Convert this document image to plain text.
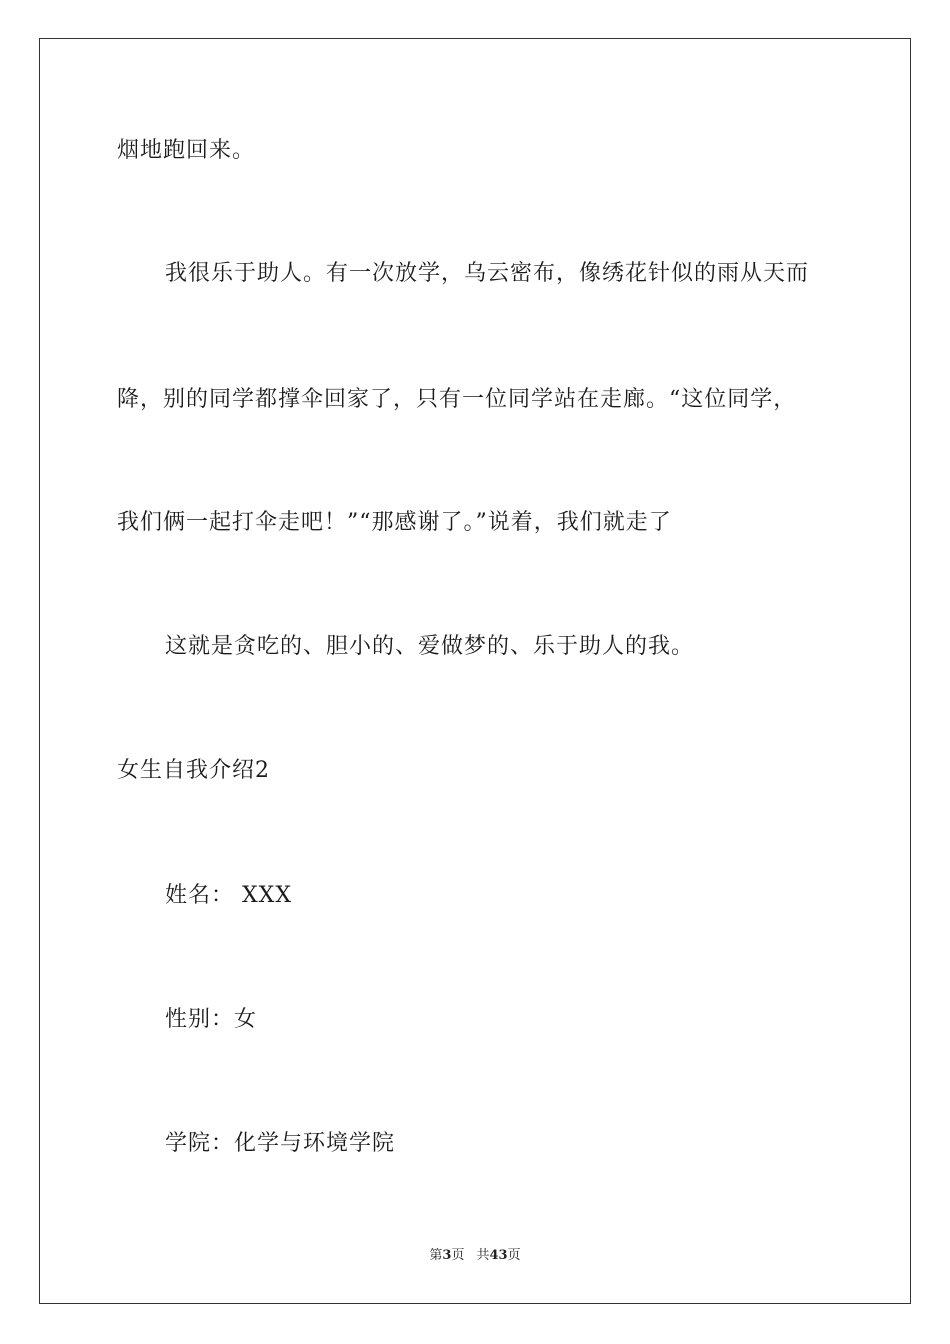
烟地跑回来。
我很乐于助人。有一次放学，乌云密布，像绣花针似的雨从天而
降，别的同学都撑伞回家了，只有一位同学站在走廊。“这位同学，
我们俩一起打伞走吧！”“那感谢了。”说着，我们就走了
这就是贪吃的、胆小的、爱做梦的、乐于助人的我。
女生自我介绍2
姓名： XXX
性别：女
学院：化学与环境学院
第3页 共43页
